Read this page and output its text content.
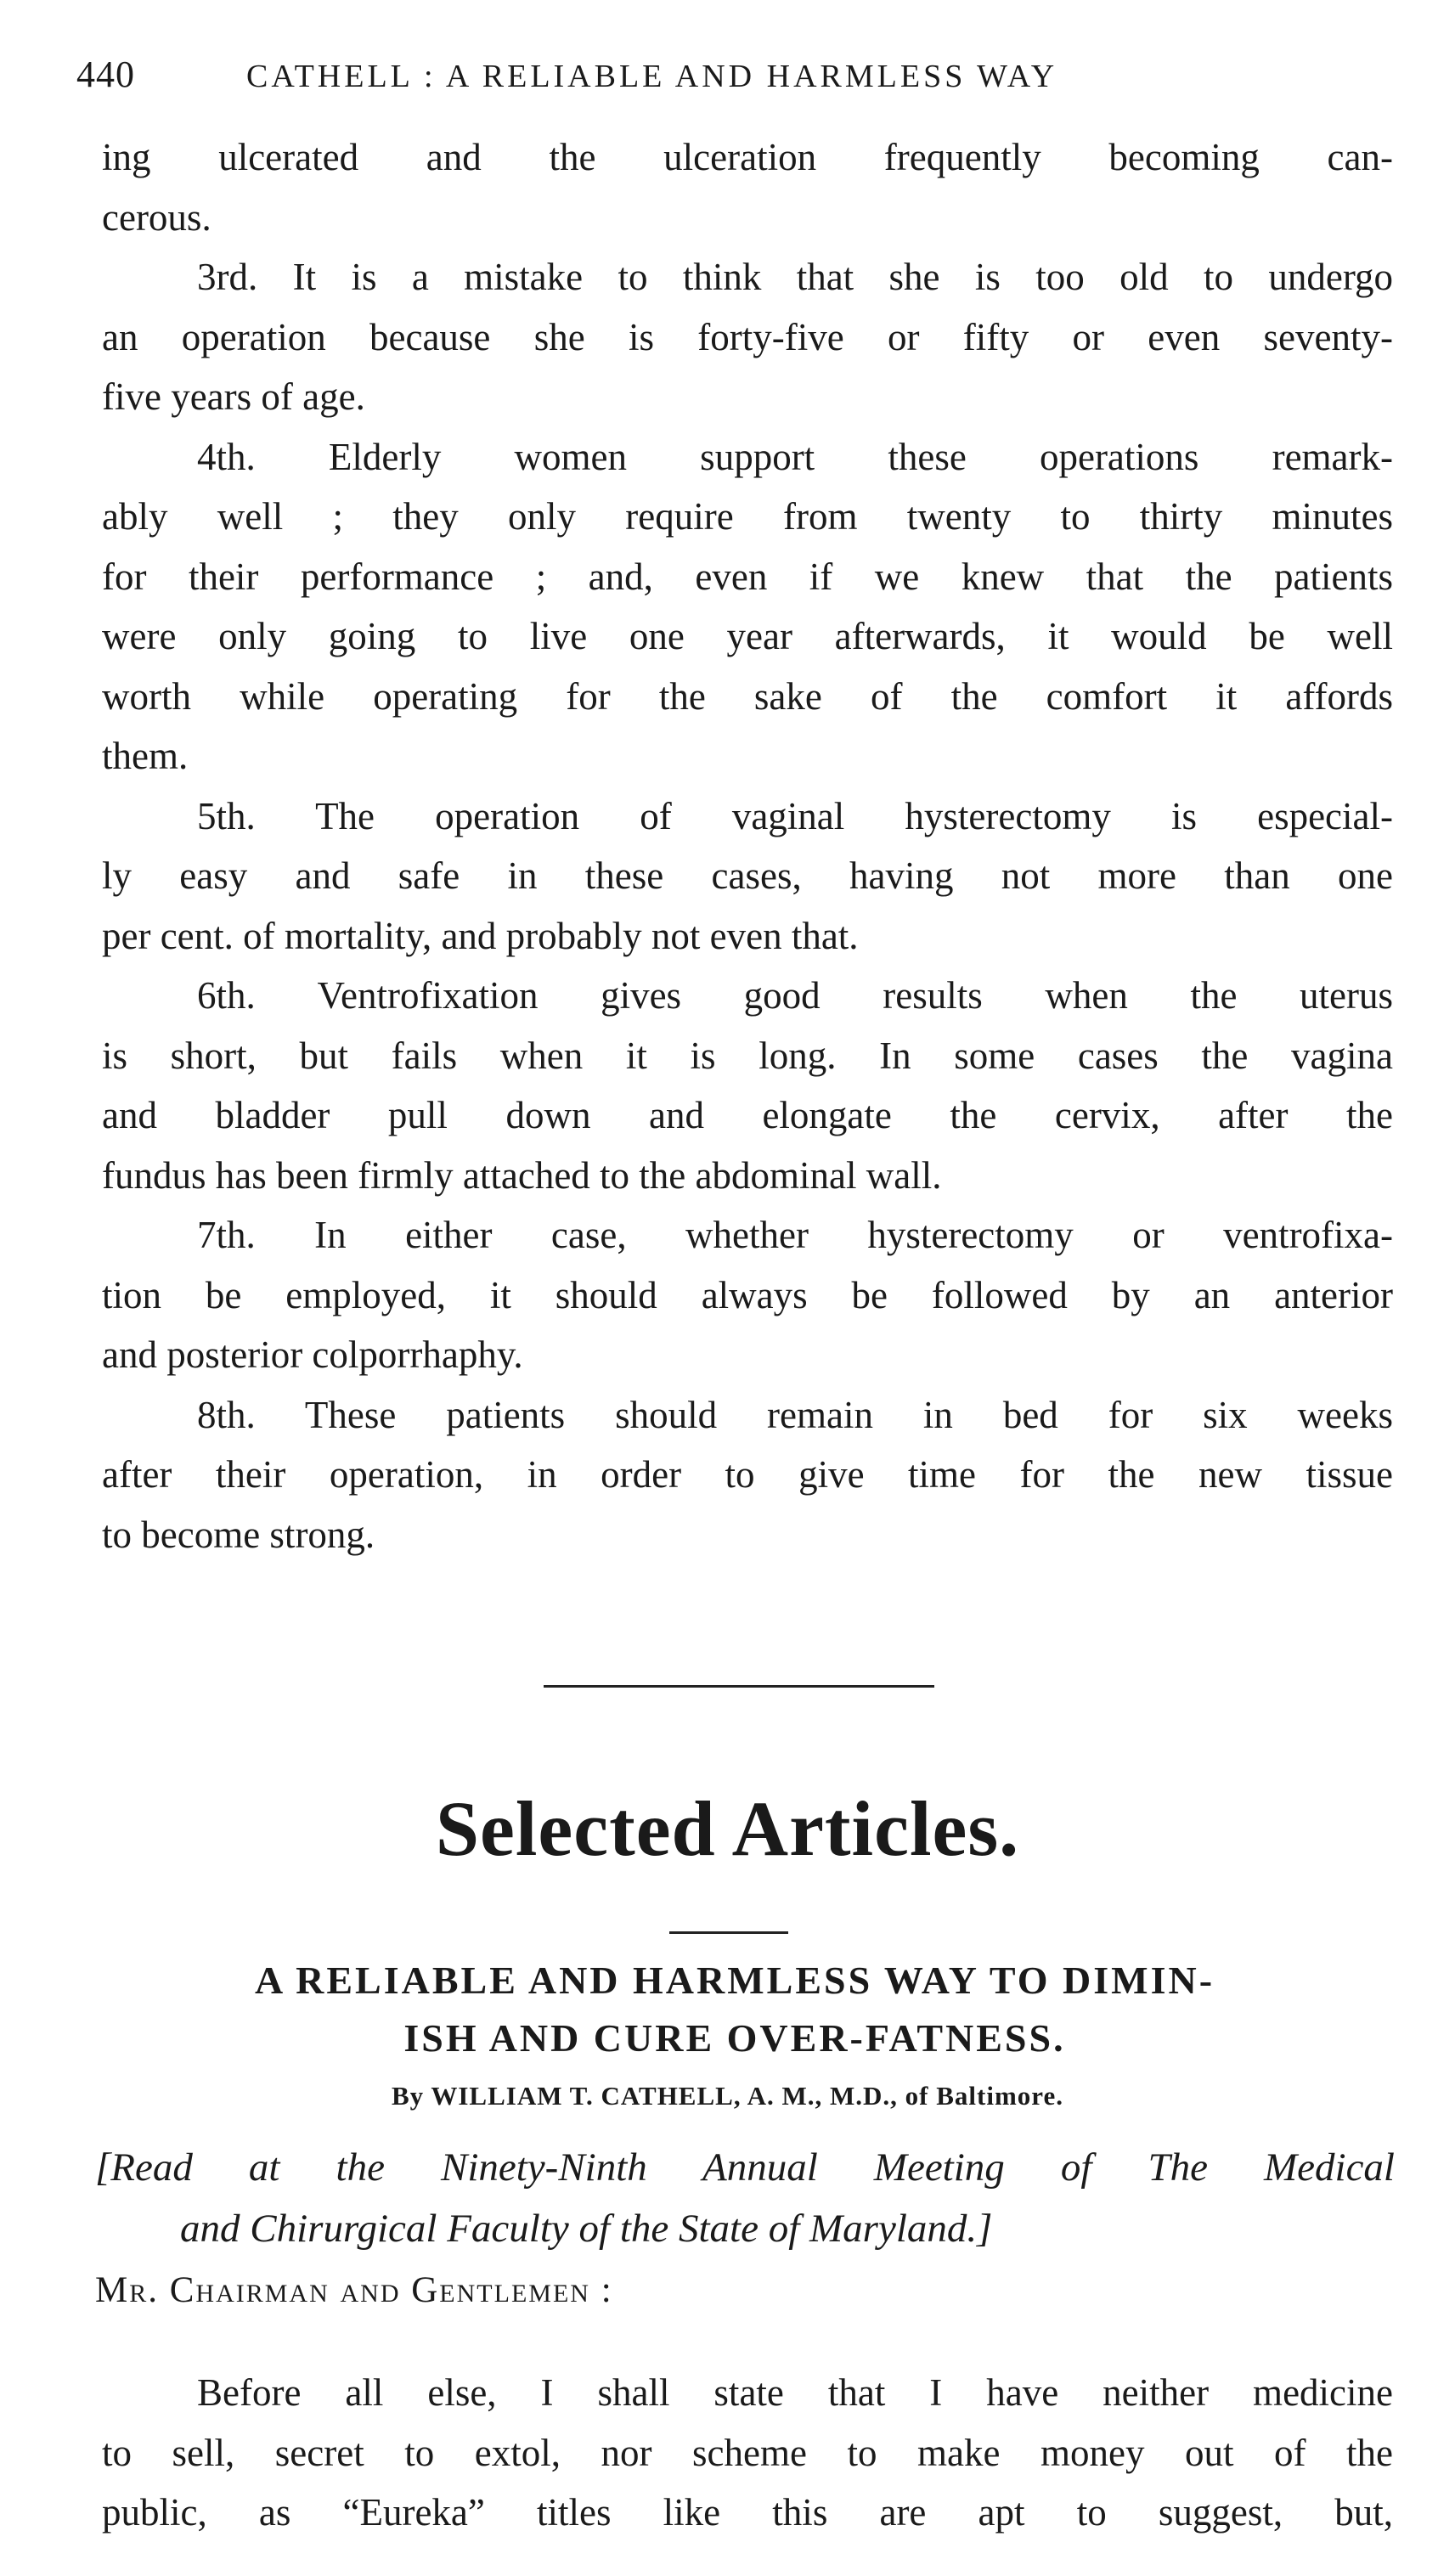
440	CATHELL : A RELIABLE AND HARMLESS WAY
ing ulcerated and the ulceration frequently becoming can-
cerous.
3rd. It is a mistake to think that she is too old to undergo
an operation because she is forty-five or fifty or even seventy-
five years of age.
4th. Elderly women support these operations remark-
ably well ; they only require from twenty to thirty minutes
for their performance ; and, even if we knew that the patients
were only going to live one year afterwards, it would be well
worth while operating for the sake of the comfort it affords
them.
5th. The operation of vaginal hysterectomy is especial-
ly easy and safe in these cases, having not more than one
per cent. of mortality, and probably not even that.
6th. Ventrofixation gives good results when the uterus
is short, but fails when it is long. In some cases the vagina
and bladder pull down and elongate the cervix, after the
fundus has been firmly attached to the abdominal wall.
7th. In either case, whether hysterectomy or ventrofixa-
tion be employed, it should always be followed by an anterior
and posterior colporrhaphy.
8th. These patients should remain in bed for six weeks
after their operation, in order to give time for the new tissue
to become strong.
Selected Articles.
A RELIABLE AND HARMLESS WAY TO DIMIN-
ISH AND CURE OVER-FATNESS.
By WILLIAM T. CATHELL, A. M., M.D., of Baltimore.
[Read at the Ninety-Ninth Annual Meeting of The Medical
and Chirurgical Faculty of the State of Maryland.]
Mr. Chairman and Gentlemen :
Before all else, I shall state that I have neither medicine
to sell, secret to extol, nor scheme to make money out of the
public, as “Eureka” titles like this are apt to suggest, but,
